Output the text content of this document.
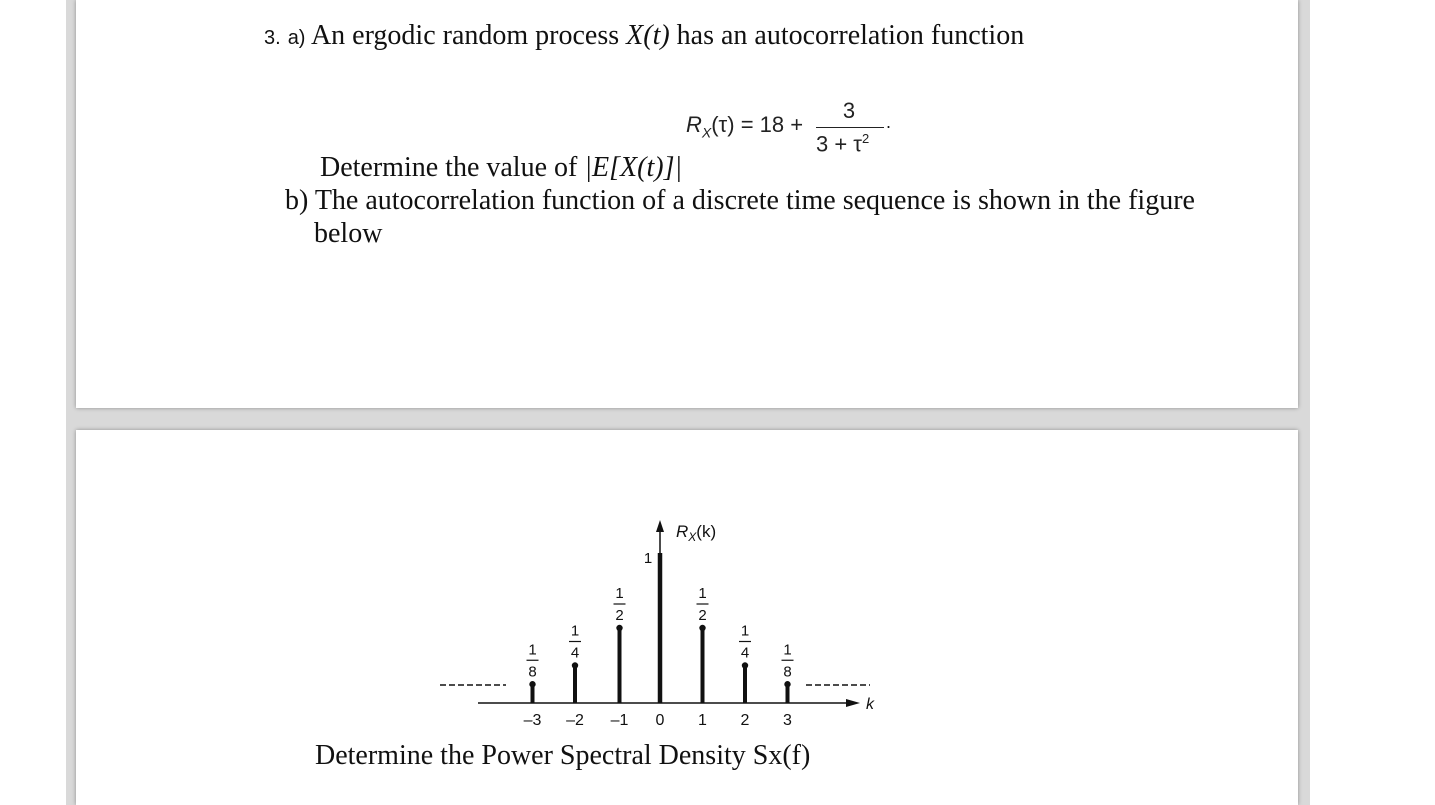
3. a) An ergodic random process X(t) has an autocorrelation function
$R_X(\tau) = 18$ +
3
$3 + \tau^2$
.
Determine the value of |E[X(t)]|
b) The autocorrelation function of a discrete time sequence is shown in the figure
below
k
$R_X(k)$
–3
1
8
–2
1
4
–1
1
2
0
1
1
1
2
2
1
4
3
1
8
Determine the Power Spectral Density Sx(f)
